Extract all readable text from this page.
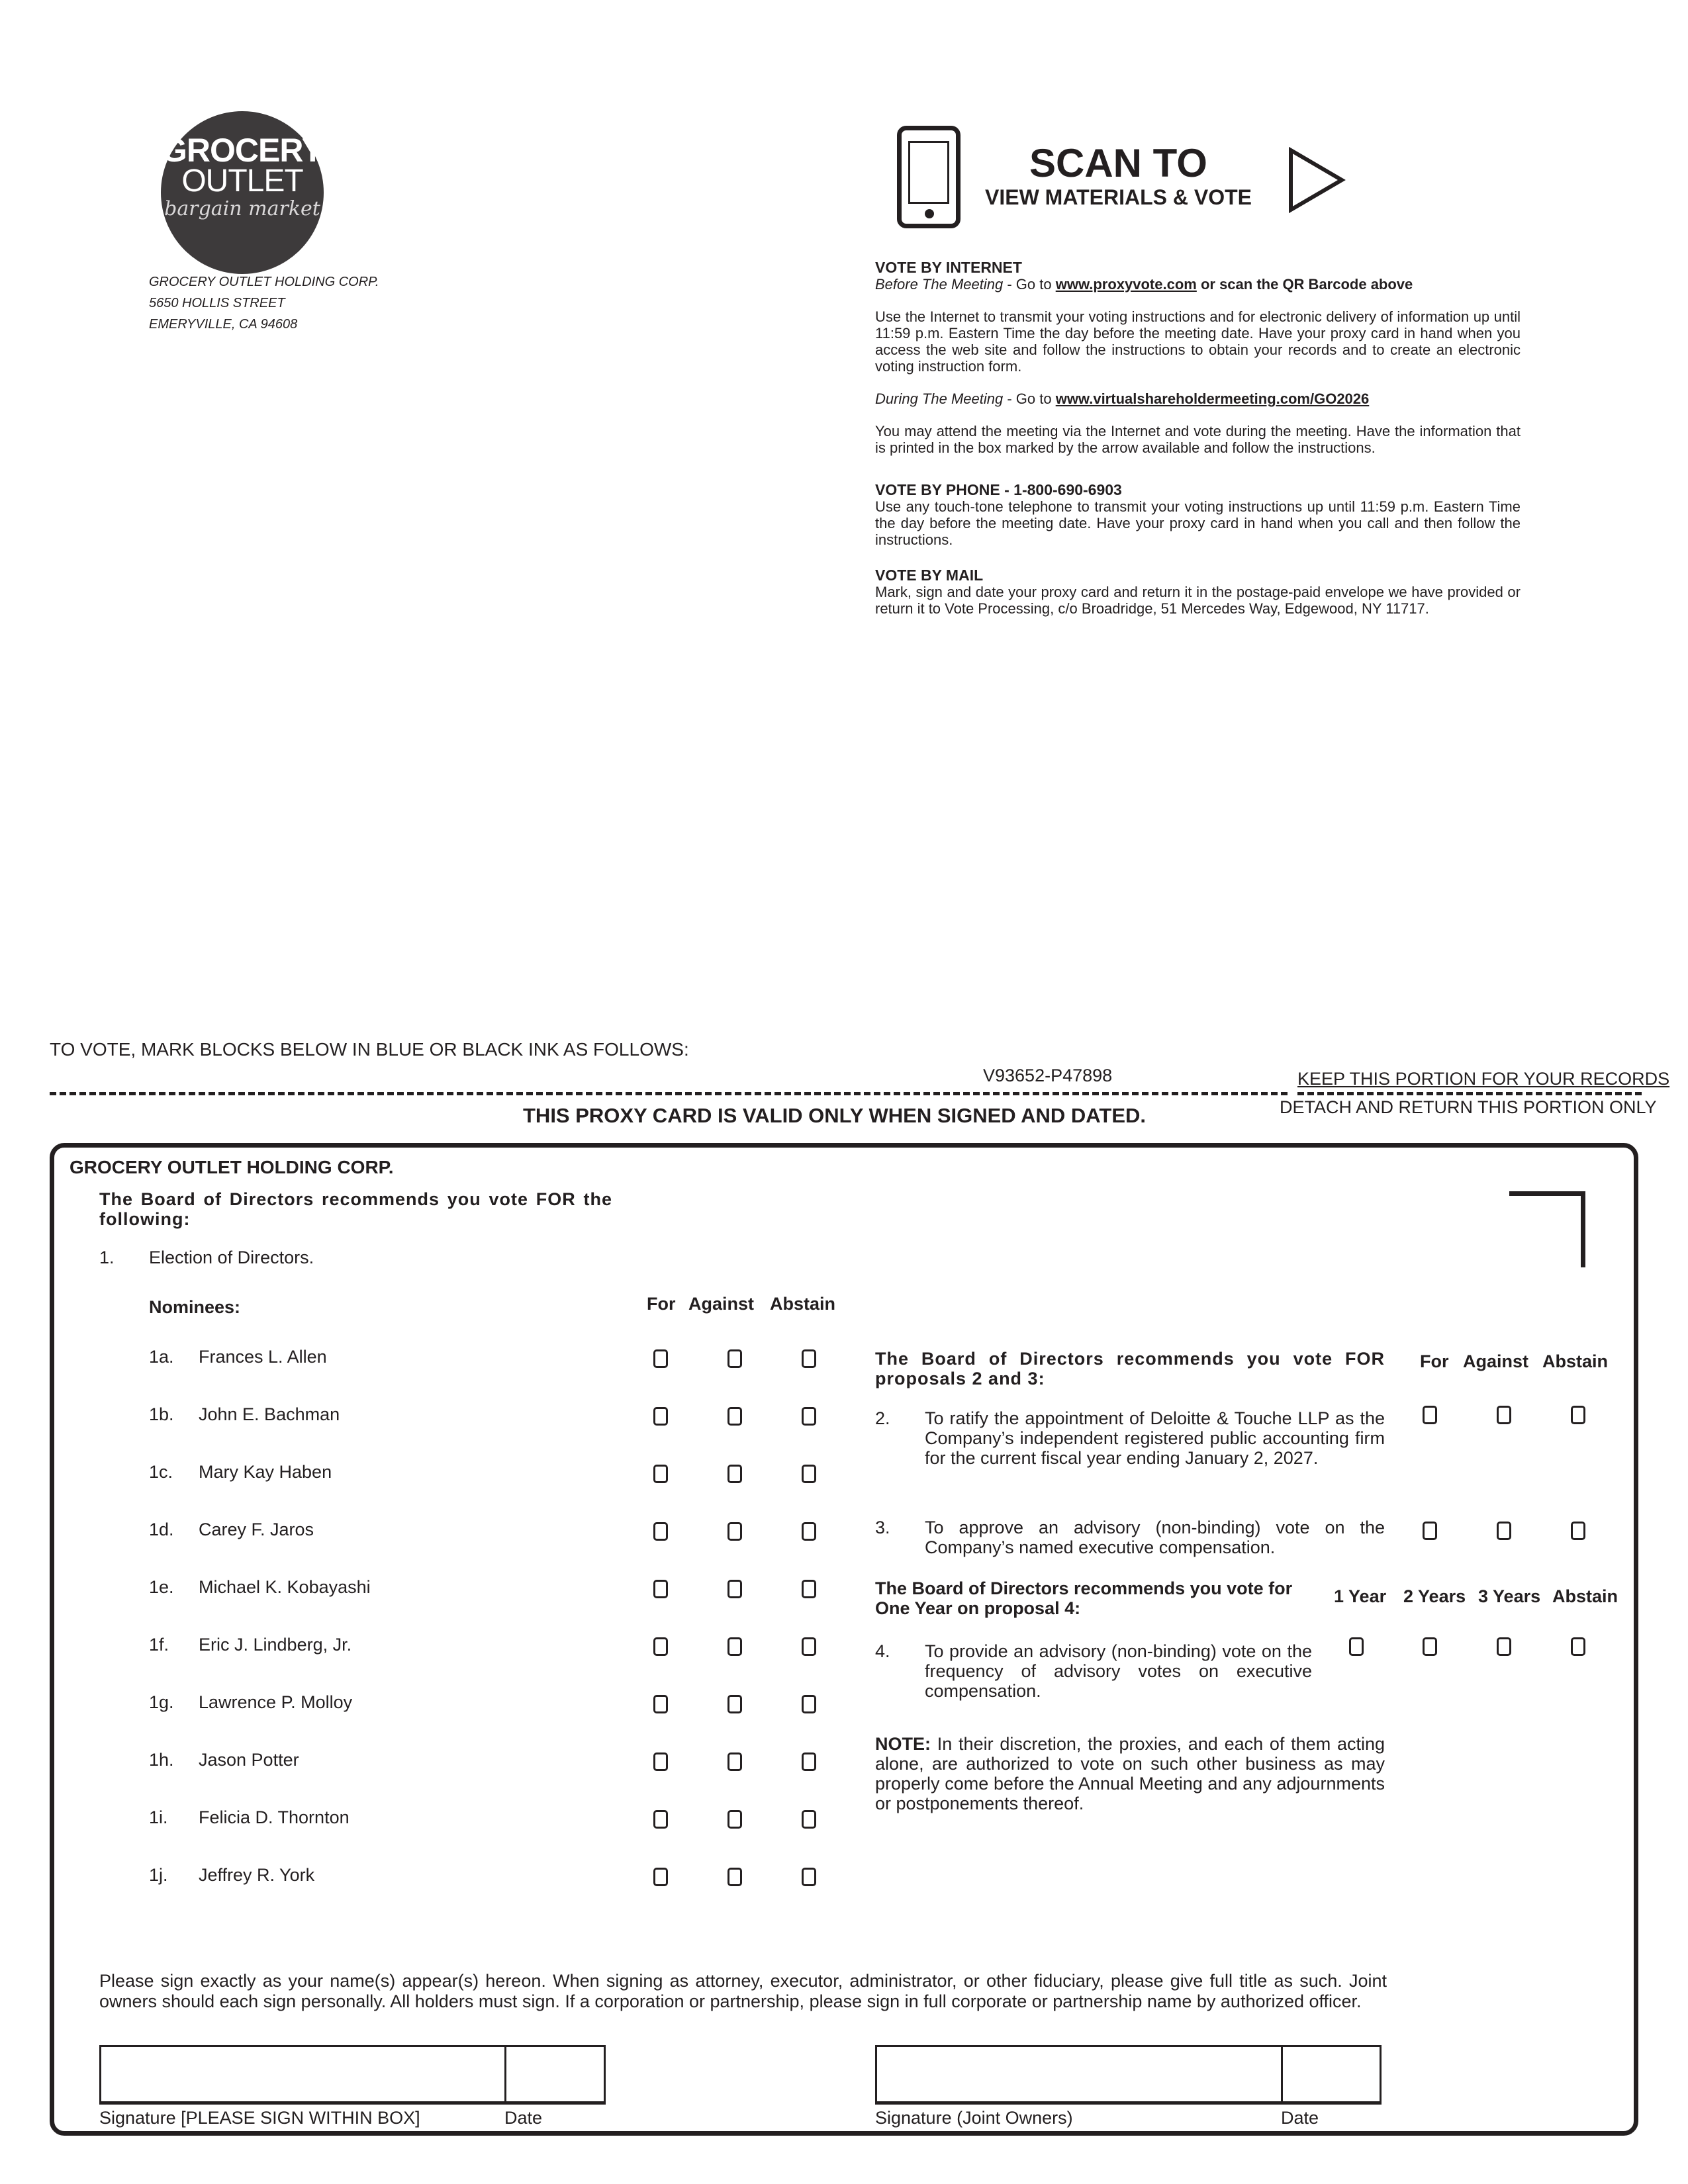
GROCERY
OUTLET
bargain market
GROCERY OUTLET HOLDING CORP.
5650 HOLLIS STREET
EMERYVILLE, CA 94608
SCAN TO
VIEW MATERIALS & VOTE
VOTE BY INTERNET
Before The Meeting - Go to www.proxyvote.com or scan the QR Barcode above

Use the Internet to transmit your voting instructions and for electronic delivery of information up until 11:59 p.m. Eastern Time the day before the meeting date. Have your proxy card in hand when you access the web site and follow the instructions to obtain your records and to create an electronic voting instruction form.

During The Meeting - Go to www.virtualshareholdermeeting.com/GO2026

You may attend the meeting via the Internet and vote during the meeting. Have the information that is printed in the box marked by the arrow available and follow the instructions.

VOTE BY PHONE - 1-800-690-6903

Use any touch-tone telephone to transmit your voting instructions up until 11:59 p.m. Eastern Time the day before the meeting date. Have your proxy card in hand when you call and then follow the instructions.

VOTE BY MAIL

Mark, sign and date your proxy card and return it in the postage-paid envelope we have provided or return it to Vote Processing, c/o Broadridge, 51 Mercedes Way, Edgewood, NY 11717.

TO VOTE, MARK BLOCKS BELOW IN BLUE OR BLACK INK AS FOLLOWS:
V93652-P47898	KEEP THIS PORTION FOR YOUR RECORDS
DETACH AND RETURN THIS PORTION ONLY
THIS PROXY CARD IS VALID ONLY WHEN SIGNED AND DATED.
GROCERY OUTLET HOLDING CORP.
The Board of Directors recommends you vote FOR the following:
1. Election of Directors.
Nominees:	For Against Abstain
1a. Frances L. Allen
1b. John E. Bachman
1c. Mary Kay Haben
1d. Carey F. Jaros
1e. Michael K. Kobayashi
1f. Eric J. Lindberg, Jr.
1g. Lawrence P. Molloy
1h. Jason Potter
1i. Felicia D. Thornton
1j. Jeffrey R. York
The Board of Directors recommends you vote FOR proposals 2 and 3:
For Against Abstain
2. To ratify the appointment of Deloitte & Touche LLP as the Company’s independent registered public accounting firm for the current fiscal year ending January 2, 2027.
3. To approve an advisory (non-binding) vote on the Company’s named executive compensation.
The Board of Directors recommends you vote for One Year on proposal 4:
1 Year 2 Years 3 Years Abstain
4. To provide an advisory (non-binding) vote on the frequency of advisory votes on executive compensation.
NOTE: In their discretion, the proxies, and each of them acting alone, are authorized to vote on such other business as may properly come before the Annual Meeting and any adjournments or postponements thereof.
Please sign exactly as your name(s) appear(s) hereon. When signing as attorney, executor, administrator, or other fiduciary, please give full title as such. Joint owners should each sign personally. All holders must sign. If a corporation or partnership, please sign in full corporate or partnership name by authorized officer.
Signature [PLEASE SIGN WITHIN BOX]	Date	Signature (Joint Owners)	Date
